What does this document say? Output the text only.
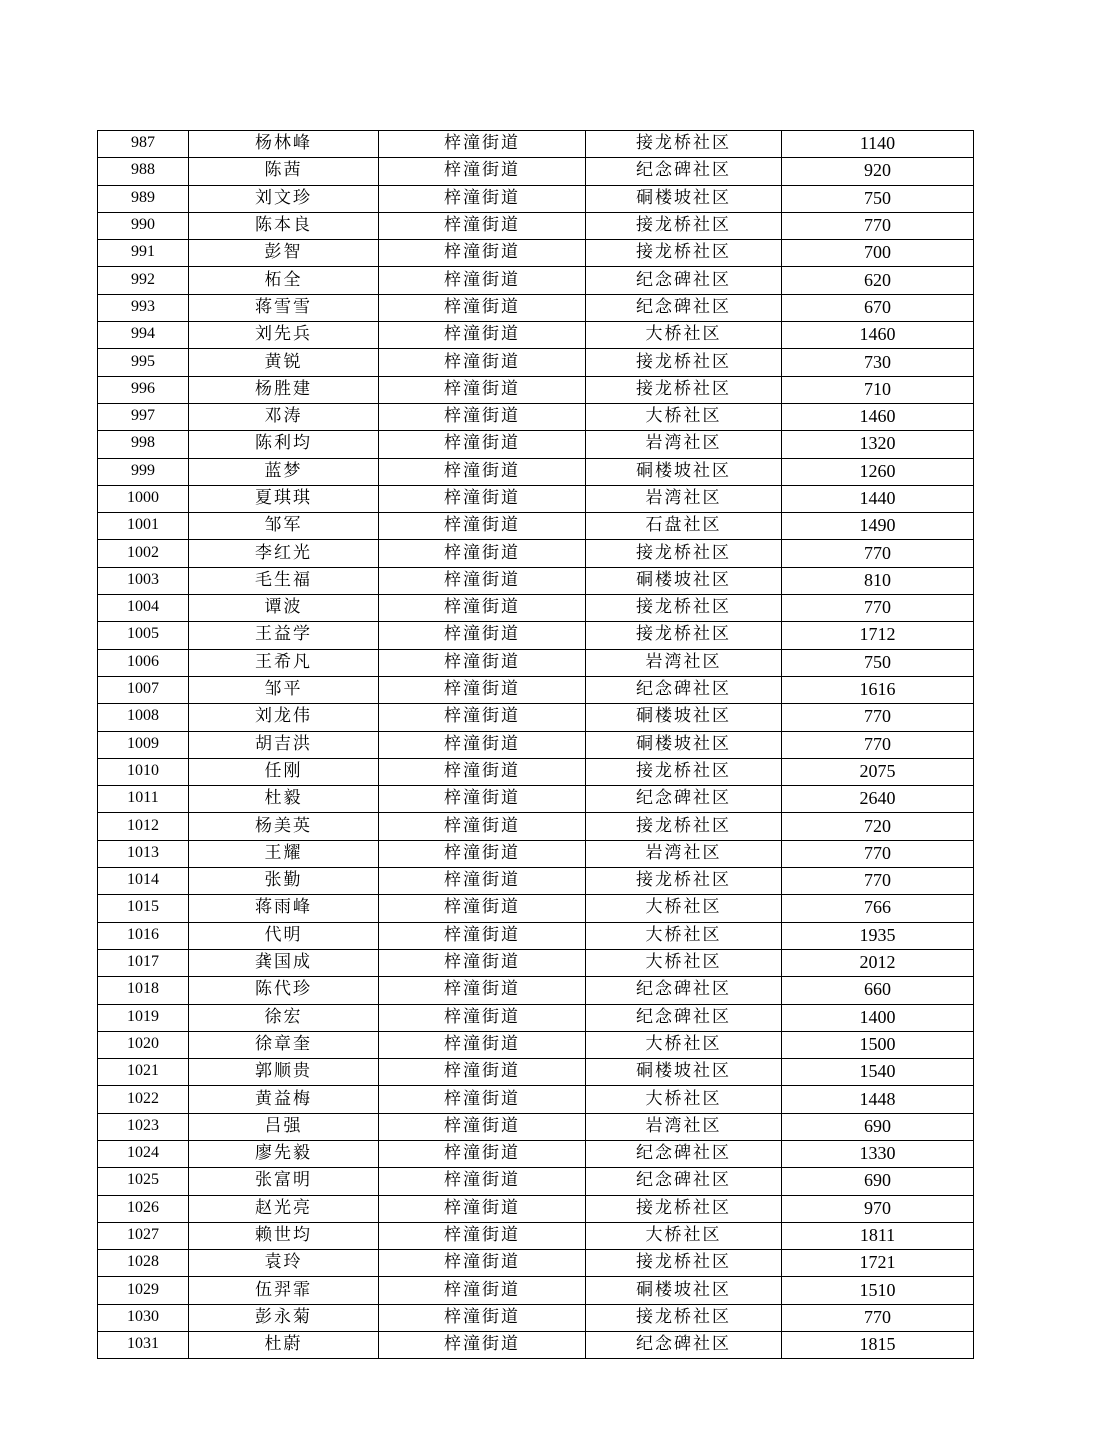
987	杨林峰	梓潼街道	接龙桥社区	1140
988	陈茜	梓潼街道	纪念碑社区	920
989	刘文珍	梓潼街道	硐楼坡社区	750
990	陈本良	梓潼街道	接龙桥社区	770
991	彭智	梓潼街道	接龙桥社区	700
992	柘全	梓潼街道	纪念碑社区	620
993	蒋雪雪	梓潼街道	纪念碑社区	670
994	刘先兵	梓潼街道	大桥社区	1460
995	黄锐	梓潼街道	接龙桥社区	730
996	杨胜建	梓潼街道	接龙桥社区	710
997	邓涛	梓潼街道	大桥社区	1460
998	陈利均	梓潼街道	岩湾社区	1320
999	蓝梦	梓潼街道	硐楼坡社区	1260
1000	夏琪琪	梓潼街道	岩湾社区	1440
1001	邹军	梓潼街道	石盘社区	1490
1002	李红光	梓潼街道	接龙桥社区	770
1003	毛生福	梓潼街道	硐楼坡社区	810
1004	谭波	梓潼街道	接龙桥社区	770
1005	王益学	梓潼街道	接龙桥社区	1712
1006	王希凡	梓潼街道	岩湾社区	750
1007	邹平	梓潼街道	纪念碑社区	1616
1008	刘龙伟	梓潼街道	硐楼坡社区	770
1009	胡吉洪	梓潼街道	硐楼坡社区	770
1010	任刚	梓潼街道	接龙桥社区	2075
1011	杜毅	梓潼街道	纪念碑社区	2640
1012	杨美英	梓潼街道	接龙桥社区	720
1013	王耀	梓潼街道	岩湾社区	770
1014	张勤	梓潼街道	接龙桥社区	770
1015	蒋雨峰	梓潼街道	大桥社区	766
1016	代明	梓潼街道	大桥社区	1935
1017	龚国成	梓潼街道	大桥社区	2012
1018	陈代珍	梓潼街道	纪念碑社区	660
1019	徐宏	梓潼街道	纪念碑社区	1400
1020	徐章奎	梓潼街道	大桥社区	1500
1021	郭顺贵	梓潼街道	硐楼坡社区	1540
1022	黄益梅	梓潼街道	大桥社区	1448
1023	吕强	梓潼街道	岩湾社区	690
1024	廖先毅	梓潼街道	纪念碑社区	1330
1025	张富明	梓潼街道	纪念碑社区	690
1026	赵光亮	梓潼街道	接龙桥社区	970
1027	赖世均	梓潼街道	大桥社区	1811
1028	袁玲	梓潼街道	接龙桥社区	1721
1029	伍羿霏	梓潼街道	硐楼坡社区	1510
1030	彭永菊	梓潼街道	接龙桥社区	770
1031	杜蔚	梓潼街道	纪念碑社区	1815
